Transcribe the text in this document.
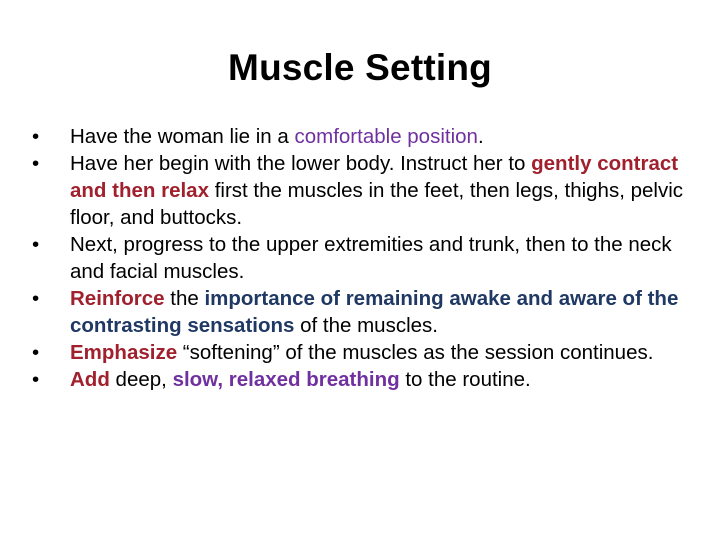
Muscle Setting
•	Have the woman lie in a comfortable position.
•	Have her begin with the lower body. Instruct her to gently contract and then relax first the muscles in the feet, then legs, thighs, pelvic floor, and buttocks.
•	Next, progress to the upper extremities and trunk, then to the neck and facial muscles.
•	Reinforce the importance of remaining awake and aware of the contrasting sensations of the muscles.
•	Emphasize “softening” of the muscles as the session continues.
•	Add deep, slow, relaxed breathing to the routine.
